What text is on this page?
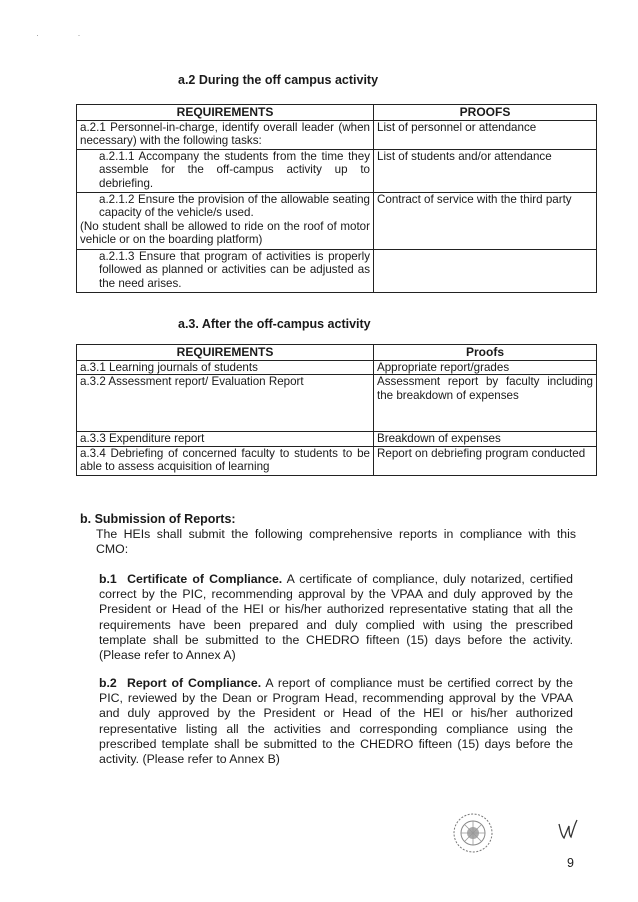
· ·
a.2 During the off campus activity
REQUIREMENTS	PROOFS
a.2.1 Personnel-in-charge, identify overall leader (when necessary) with the following tasks:	List of personnel or attendance
a.2.1.1 Accompany the students from the time they assemble for the off-campus activity up to debriefing.	List of students and/or attendance
a.2.1.2 Ensure the provision of the allowable seating capacity of the vehicle/s used.
(No student shall be allowed to ride on the roof of motor vehicle or on the boarding platform)	Contract of service with the third party
a.2.1.3 Ensure that program of activities is properly followed as planned or activities can be adjusted as the need arises.	
a.3. After the off-campus activity
REQUIREMENTS	Proofs
a.3.1 Learning journals of students	Appropriate report/grades
a.3.2 Assessment report/ Evaluation Report	Assessment report by faculty including the breakdown of expenses
a.3.3 Expenditure report	Breakdown of expenses
a.3.4 Debriefing of concerned faculty to students to be able to assess acquisition of learning	Report on debriefing program conducted
b. Submission of Reports:
The HEIs shall submit the following comprehensive reports in compliance with this CMO:
b.1 Certificate of Compliance. A certificate of compliance, duly notarized, certified correct by the PIC, recommending approval by the VPAA and duly approved by the President or Head of the HEI or his/her authorized representative stating that all the requirements have been prepared and duly complied with using the prescribed template shall be submitted to the CHEDRO fifteen (15) days before the activity. (Please refer to Annex A)
b.2 Report of Compliance. A report of compliance must be certified correct by the PIC, reviewed by the Dean or Program Head, recommending approval by the VPAA and duly approved by the President or Head of the HEI or his/her authorized representative listing all the activities and corresponding compliance using the prescribed template shall be submitted to the CHEDRO fifteen (15) days before the activity. (Please refer to Annex B)
9
